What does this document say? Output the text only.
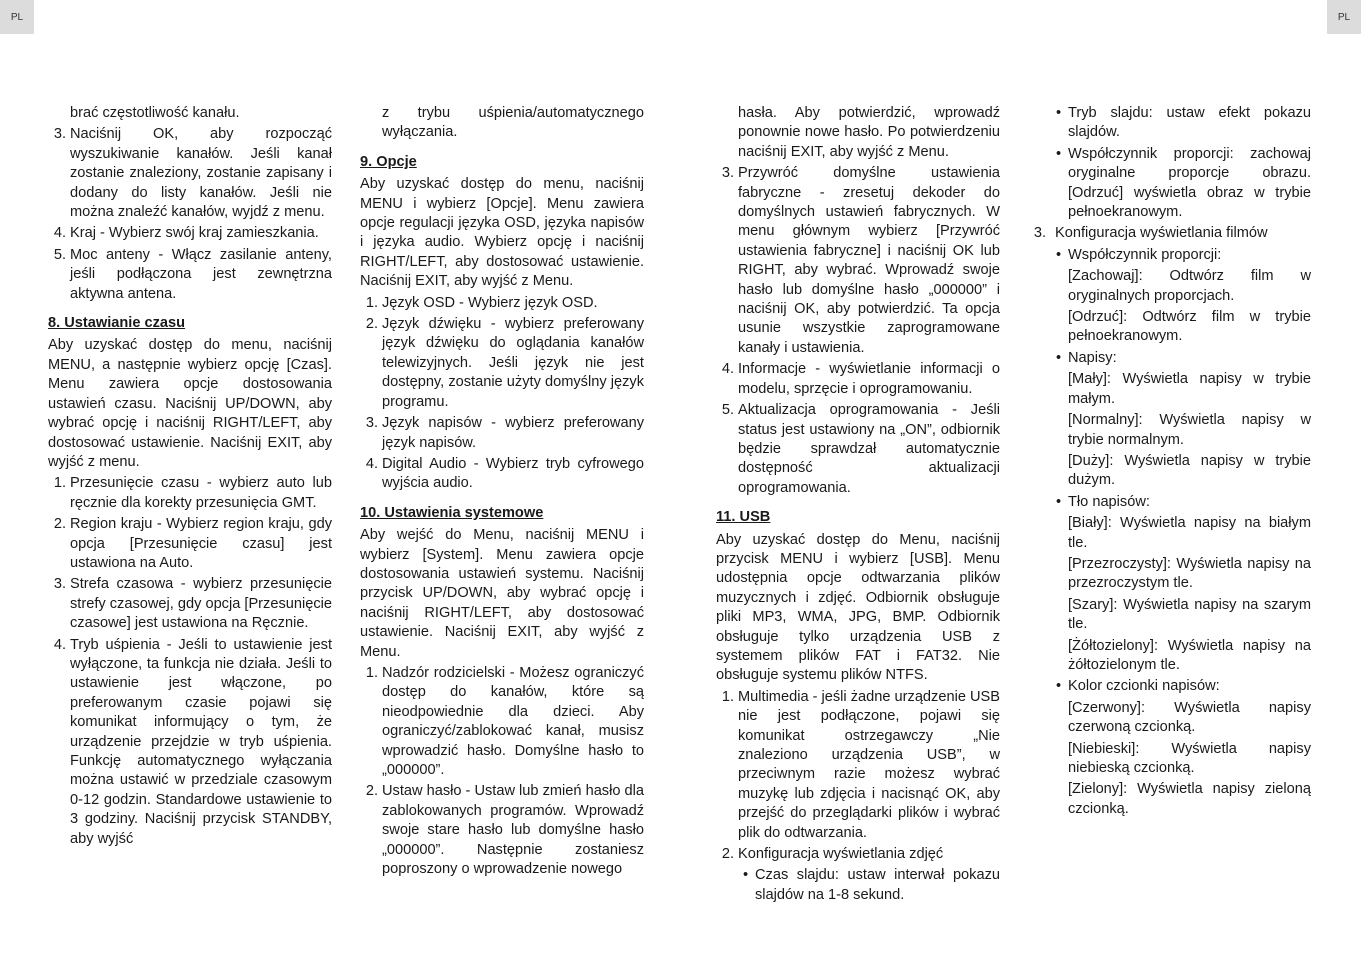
PL	PL

brać częstotliwość kanału.

3. Naciśnij OK, aby rozpocząć wyszukiwanie kanałów. Jeśli kanał zostanie znaleziony, zostanie zapisany i dodany do listy kanałów. Jeśli nie można znaleźć kanałów, wyjdź z menu.
4. Kraj - Wybierz swój kraj zamieszkania.
5. Moc anteny - Włącz zasilanie anteny, jeśli podłączona jest zewnętrzna aktywna antena.
8. Ustawianie czasu

Aby uzyskać dostęp do menu, naciśnij MENU, a następnie wybierz opcję [Czas]. Menu zawiera opcje dostosowania ustawień czasu. Naciśnij UP/DOWN, aby wybrać opcję i naciśnij RIGHT/LEFT, aby dostosować ustawienie. Naciśnij EXIT, aby wyjść z menu.

1. Przesunięcie czasu - wybierz auto lub ręcznie dla korekty przesunięcia GMT.
2. Region kraju - Wybierz region kraju, gdy opcja [Przesunięcie czasu] jest ustawiona na Auto.
3. Strefa czasowa - wybierz przesunięcie strefy czasowej, gdy opcja [Przesunięcie czasowe] jest ustawiona na Ręcznie.
4. Tryb uśpienia - Jeśli to ustawienie jest wyłączone, ta funkcja nie działa. Jeśli to ustawienie jest włączone, po preferowanym czasie pojawi się komunikat informujący o tym, że urządzenie przejdzie w tryb uśpienia. Funkcję automatycznego wyłączania można ustawić w przedziale czasowym 0-12 godzin. Standardowe ustawienie to 3 godziny. Naciśnij przycisk STANDBY, aby wyjść

z trybu uśpienia/automatycznego wyłączania.

9. Opcje

Aby uzyskać dostęp do menu, naciśnij MENU i wybierz [Opcje]. Menu zawiera opcje regulacji języka OSD, języka napisów i języka audio. Wybierz opcję i naciśnij RIGHT/LEFT, aby dostosować ustawienie. Naciśnij EXIT, aby wyjść z Menu.

1. Język OSD - Wybierz język OSD.
2. Język dźwięku - wybierz preferowany język dźwięku do oglądania kanałów telewizyjnych. Jeśli język nie jest dostępny, zostanie użyty domyślny język programu.
3. Język napisów - wybierz preferowany język napisów.
4. Digital Audio - Wybierz tryb cyfrowego wyjścia audio.
10. Ustawienia systemowe

Aby wejść do Menu, naciśnij MENU i wybierz [System]. Menu zawiera opcje dostosowania ustawień systemu. Naciśnij przycisk UP/DOWN, aby wybrać opcję i naciśnij RIGHT/LEFT, aby dostosować ustawienie. Naciśnij EXIT, aby wyjść z Menu.

1. Nadzór rodzicielski - Możesz ograniczyć dostęp do kanałów, które są nieodpowiednie dla dzieci. Aby ograniczyć/zablokować kanał, musisz wprowadzić hasło. Domyślne hasło to „000000”.
2. Ustaw hasło - Ustaw lub zmień hasło dla zablokowanych programów. Wprowadź swoje stare hasło lub domyślne hasło „000000”. Następnie zostaniesz poproszony o wprowadzenie nowego

hasła. Aby potwierdzić, wprowadź ponownie nowe hasło. Po potwierdzeniu naciśnij EXIT, aby wyjść z Menu.

3. Przywróć domyślne ustawienia fabryczne - zresetuj dekoder do domyślnych ustawień fabrycznych. W menu głównym wybierz [Przywróć ustawienia fabryczne] i naciśnij OK lub RIGHT, aby wybrać. Wprowadź swoje hasło lub domyślne hasło „000000” i naciśnij OK, aby potwierdzić. Ta opcja usunie wszystkie zaprogramowane kanały i ustawienia.
4. Informacje - wyświetlanie informacji o modelu, sprzęcie i oprogramowaniu.
5. Aktualizacja oprogramowania - Jeśli status jest ustawiony na „ON”, odbiornik będzie sprawdzał automatycznie dostępność aktualizacji oprogramowania.
11. USB

Aby uzyskać dostęp do Menu, naciśnij przycisk MENU i wybierz [USB]. Menu udostępnia opcje odtwarzania plików muzycznych i zdjęć. Odbiornik obsługuje pliki MP3, WMA, JPG, BMP. Odbiornik obsługuje tylko urządzenia USB z systemem plików FAT i FAT32. Nie obsługuje systemu plików NTFS.

1. Multimedia - jeśli żadne urządzenie USB nie jest podłączone, pojawi się komunikat ostrzegawczy „Nie znaleziono urządzenia USB”, w przeciwnym razie możesz wybrać muzykę lub zdjęcia i nacisnąć OK, aby przejść do przeglądarki plików i wybrać plik do odtwarzania.
2. Konfiguracja wyświetlania zdjęć
• Czas slajdu: ustaw interwał pokazu slajdów na 1-8 sekund.
• Tryb slajdu: ustaw efekt pokazu slajdów.
• Współczynnik proporcji: zachowaj oryginalne proporcje obrazu. [Odrzuć] wyświetla obraz w trybie pełnoekranowym.
3. Konfiguracja wyświetlania filmów
• Współczynnik proporcji:

[Zachowaj]: Odtwórz film w oryginalnych proporcjach.

[Odrzuć]: Odtwórz film w trybie pełnoekranowym.

• Napisy:

[Mały]: Wyświetla napisy w trybie małym.

[Normalny]: Wyświetla napisy w trybie normalnym.

[Duży]: Wyświetla napisy w trybie dużym.

• Tło napisów:

[Biały]: Wyświetla napisy na białym tle.

[Przezroczysty]: Wyświetla napisy na przezroczystym tle.

[Szary]: Wyświetla napisy na szarym tle.

[Żółtozielony]: Wyświetla napisy na żółtozielonym tle.

• Kolor czcionki napisów:

[Czerwony]: Wyświetla napisy czerwoną czcionką.

[Niebieski]: Wyświetla napisy niebieską czcionką.

[Zielony]: Wyświetla napisy zieloną czcionką.
